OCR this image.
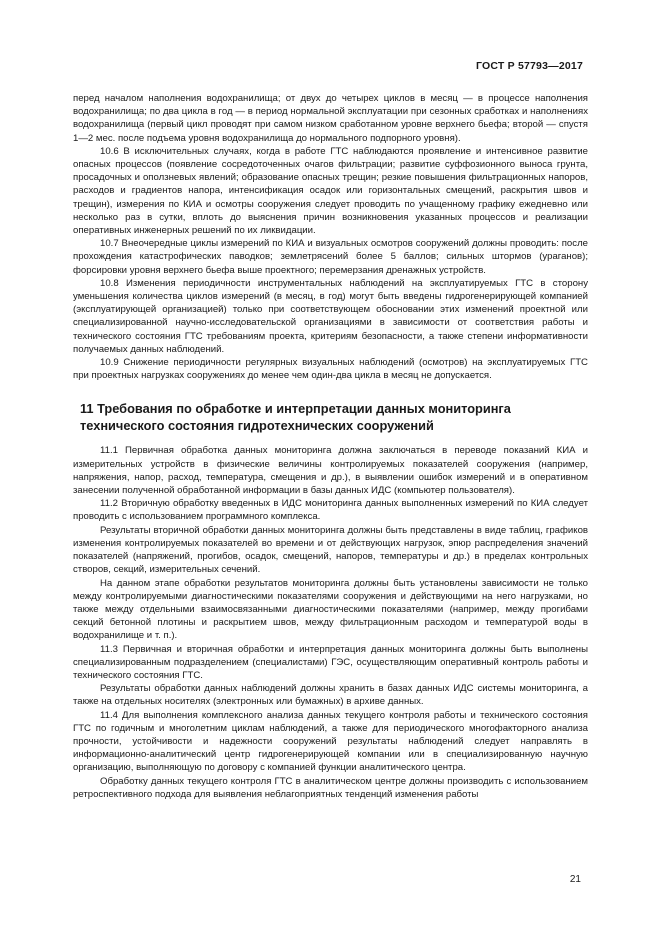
ГОСТ Р 57793—2017

перед началом наполнения водохранилища; от двух до четырех циклов в месяц — в процессе наполнения водохранилища; по два цикла в год — в период нормальной эксплуатации при сезонных сработках и наполнениях водохранилища (первый цикл проводят при самом низком сработанном уровне верхнего бьефа; второй — спустя 1—2 мес. после подъема уровня водохранилища до нормального подпорного уровня).

10.6 В исключительных случаях, когда в работе ГТС наблюдаются проявление и интенсивное развитие опасных процессов (появление сосредоточенных очагов фильтрации; развитие суффозионного выноса грунта, просадочных и оползневых явлений; образование опасных трещин; резкие повышения фильтрационных напоров, расходов и градиентов напора, интенсификация осадок или горизонтальных смещений, раскрытия швов и трещин), измерения по КИА и осмотры сооружения следует проводить по учащенному графику ежедневно или несколько раз в сутки, вплоть до выяснения причин возникновения указанных процессов и реализации оперативных инженерных решений по их ликвидации.

10.7 Внеочередные циклы измерений по КИА и визуальных осмотров сооружений должны проводить: после прохождения катастрофических паводков; землетрясений более 5 баллов; сильных штормов (ураганов); форсировки уровня верхнего бьефа выше проектного; перемерзания дренажных устройств.

10.8 Изменения периодичности инструментальных наблюдений на эксплуатируемых ГТС в сторону уменьшения количества циклов измерений (в месяц, в год) могут быть введены гидрогенерирующей компанией (эксплуатирующей организацией) только при соответствующем обосновании этих изменений проектной или специализированной научно-исследовательской организациями в зависимости от соответствия работы и технического состояния ГТС требованиям проекта, критериям безопасности, а также степени информативности получаемых данных наблюдений.

10.9 Снижение периодичности регулярных визуальных наблюдений (осмотров) на эксплуатируемых ГТС при проектных нагрузках сооружениях до менее чем один-два цикла в месяц не допускается.

11 Требования по обработке и интерпретации данных мониторинга технического состояния гидротехнических сооружений

11.1 Первичная обработка данных мониторинга должна заключаться в переводе показаний КИА и измерительных устройств в физические величины контролируемых показателей сооружения (например, напряжения, напор, расход, температура, смещения и др.), в выявлении ошибок измерений и в оперативном занесении полученной обработанной информации в базы данных ИДС (компьютер пользователя).

11.2 Вторичную обработку введенных в ИДС мониторинга данных выполненных измерений по КИА следует проводить с использованием программного комплекса.

Результаты вторичной обработки данных мониторинга должны быть представлены в виде таблиц, графиков изменения контролируемых показателей во времени и от действующих нагрузок, эпюр распределения значений показателей (напряжений, прогибов, осадок, смещений, напоров, температуры и др.) в пределах контрольных створов, секций, измерительных сечений.

На данном этапе обработки результатов мониторинга должны быть установлены зависимости не только между контролируемыми диагностическими показателями сооружения и действующими на него нагрузками, но также между отдельными взаимосвязанными диагностическими показателями (например, между прогибами секций бетонной плотины и раскрытием швов, между фильтрационным расходом и температурой воды в водохранилище и т. п.).

11.3 Первичная и вторичная обработки и интерпретация данных мониторинга должны быть выполнены специализированным подразделением (специалистами) ГЭС, осуществляющим оперативный контроль работы и технического состояния ГТС.

Результаты обработки данных наблюдений должны хранить в базах данных ИДС системы мониторинга, а также на отдельных носителях (электронных или бумажных) в архиве данных.

11.4 Для выполнения комплексного анализа данных текущего контроля работы и технического состояния ГТС по годичным и многолетним циклам наблюдений, а также для периодического многофакторного анализа прочности, устойчивости и надежности сооружений результаты наблюдений следует направлять в информационно-аналитический центр гидрогенерирующей компании или в специализированную научную организацию, выполняющую по договору с компанией функции аналитического центра.

Обработку данных текущего контроля ГТС в аналитическом центре должны производить с использованием ретроспективного подхода для выявления неблагоприятных тенденций изменения работы

21
